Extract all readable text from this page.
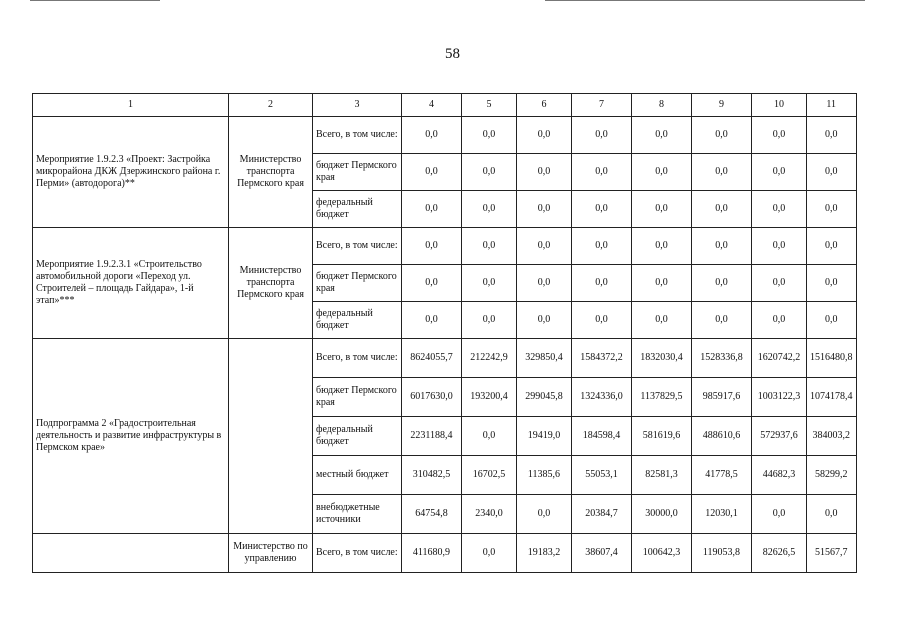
58
1	2	3	4	5	6	7	8	9	10	11
Мероприятие 1.9.2.3 «Проект: Застройка микрорайона ДКЖ Дзержинского района г. Перми» (автодорога)**	Министерство транспорта Пермского края	Всего, в том числе:	0,0	0,0	0,0	0,0	0,0	0,0	0,0	0,0
		бюджет Пермского края	0,0	0,0	0,0	0,0	0,0	0,0	0,0	0,0
		федеральный бюджет	0,0	0,0	0,0	0,0	0,0	0,0	0,0	0,0
Мероприятие 1.9.2.3.1 «Строительство автомобильной дороги «Переход ул. Строителей – площадь Гайдара», 1-й этап»***	Министерство транспорта Пермского края	Всего, в том числе:	0,0	0,0	0,0	0,0	0,0	0,0	0,0	0,0
		бюджет Пермского края	0,0	0,0	0,0	0,0	0,0	0,0	0,0	0,0
		федеральный бюджет	0,0	0,0	0,0	0,0	0,0	0,0	0,0	0,0
Подпрограмма 2 «Градостроительная деятельность и развитие инфраструктуры в Пермском крае»		Всего, в том числе:	8624055,7	212242,9	329850,4	1584372,2	1832030,4	1528336,8	1620742,2	1516480,8
		бюджет Пермского края	6017630,0	193200,4	299045,8	1324336,0	1137829,5	985917,6	1003122,3	1074178,4
		федеральный бюджет	2231188,4	0,0	19419,0	184598,4	581619,6	488610,6	572937,6	384003,2
		местный бюджет	310482,5	16702,5	11385,6	55053,1	82581,3	41778,5	44682,3	58299,2
		внебюджетные источники	64754,8	2340,0	0,0	20384,7	30000,0	12030,1	0,0	0,0
	Министерство по управлению	Всего, в том числе:	411680,9	0,0	19183,2	38607,4	100642,3	119053,8	82626,5	51567,7
